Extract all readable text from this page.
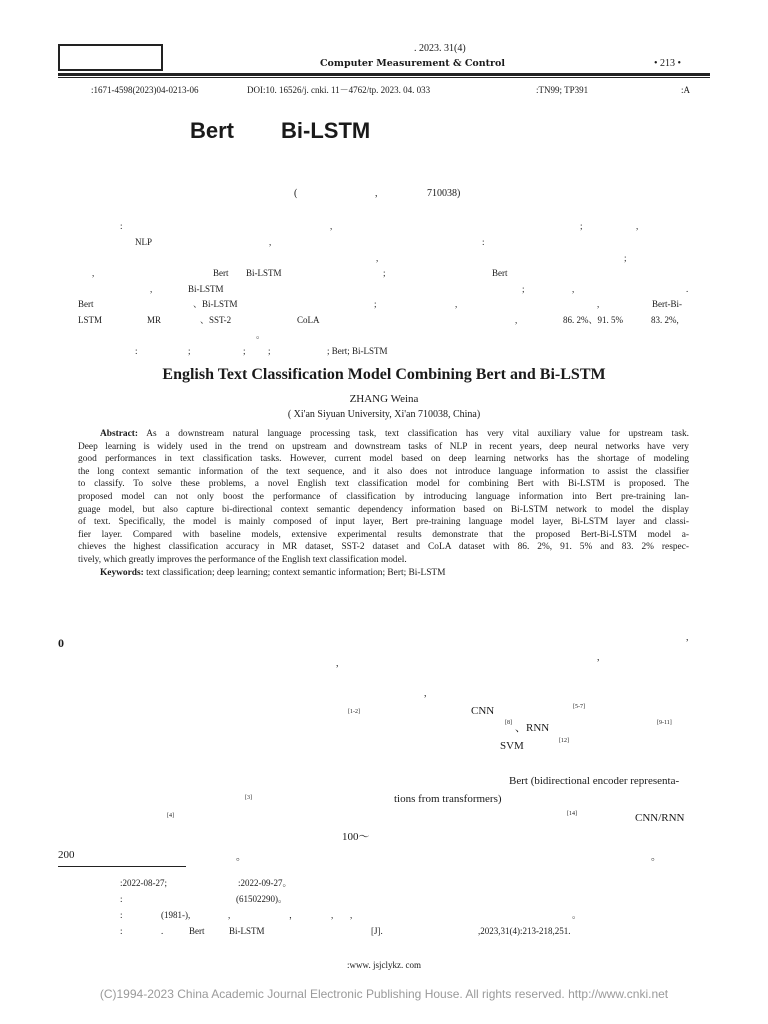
. 2023. 31(4)
Computer Measurement & Control	• 213 •
:1671-4598(2023)04-0213-06	DOI:10. 16526/j. cnki. 11－4762/tp. 2023. 04. 033	:TN99; TP391	:A
Bert Bi-LSTM
(	,	710038)
:	,	;	,
NLP	,	:
,	;
,	Bert Bi-LSTM	;	Bert
Bi-LSTM
,	;	,	.
Bert	、Bi-LSTM	;	,	,	Bert-Bi-
LSTM	MR	、SST-2	CoLA	,	86. 2%、91. 5%	83. 2%,
。
:	;	; ;	; Bert; Bi-LSTM
English Text Classification Model Combining Bert and Bi-LSTM
ZHANG Weina
( Xi'an Siyuan University, Xi'an 710038, China)
Abstract: As a downstream natural language processing task, text classification has very vital auxiliary value for upstream task.
Deep learning is widely used in the trend on upstream and downstream tasks of NLP in recent years, deep neural networks have very
good performances in text classification tasks. However, current model based on deep learning networks has the shortage of modeling
the long context semantic information of the text sequence, and it also does not introduce language information to assist the classifier
to classify. To solve these problems, a novel English text classification model for combining Bert with Bi-LSTM is proposed. The
proposed model can not only boost the performance of classification by introducing language information into Bert pre-training lan-
guage model, but also capture bi-directional context semantic dependency information based on Bi-LSTM network to model the display
of text. Specifically, the model is mainly composed of input layer, Bert pre-training language model layer, Bi-LSTM layer and classi-
fier layer. Compared with baseline models, extensive experimental results demonstrate that the proposed Bert-Bi-LSTM model a-
chieves the highest classification accuracy in MR dataset, SST-2 dataset and CoLA dataset with 86. 2%, 91. 5% and 83. 2% respec-
tively, which greatly improves the performance of the English text classification model.
Keywords: text classification; deep learning; context semantic information; Bert; Bi-LSTM
0	,
,
,
,
[1-2]	CNN	[5-7]
[8] 、RNN	[9-11]
SVM	[12]
Bert (bidirectional encoder representa-
tions from transformers)
[3]
[4]	[14]	CNN/RNN
100～
200	。	。
:2022-08-27;	:2022-09-27。
:	(61502290)。
:	(1981-),	,	，	, ,	。
:	.	Bert	Bi-LSTM	[J].	,2023,31(4):213-218,251.
:www. jsjclykz. com
(C)1994-2023 China Academic Journal Electronic Publishing House. All rights reserved. http://www.cnki.net
